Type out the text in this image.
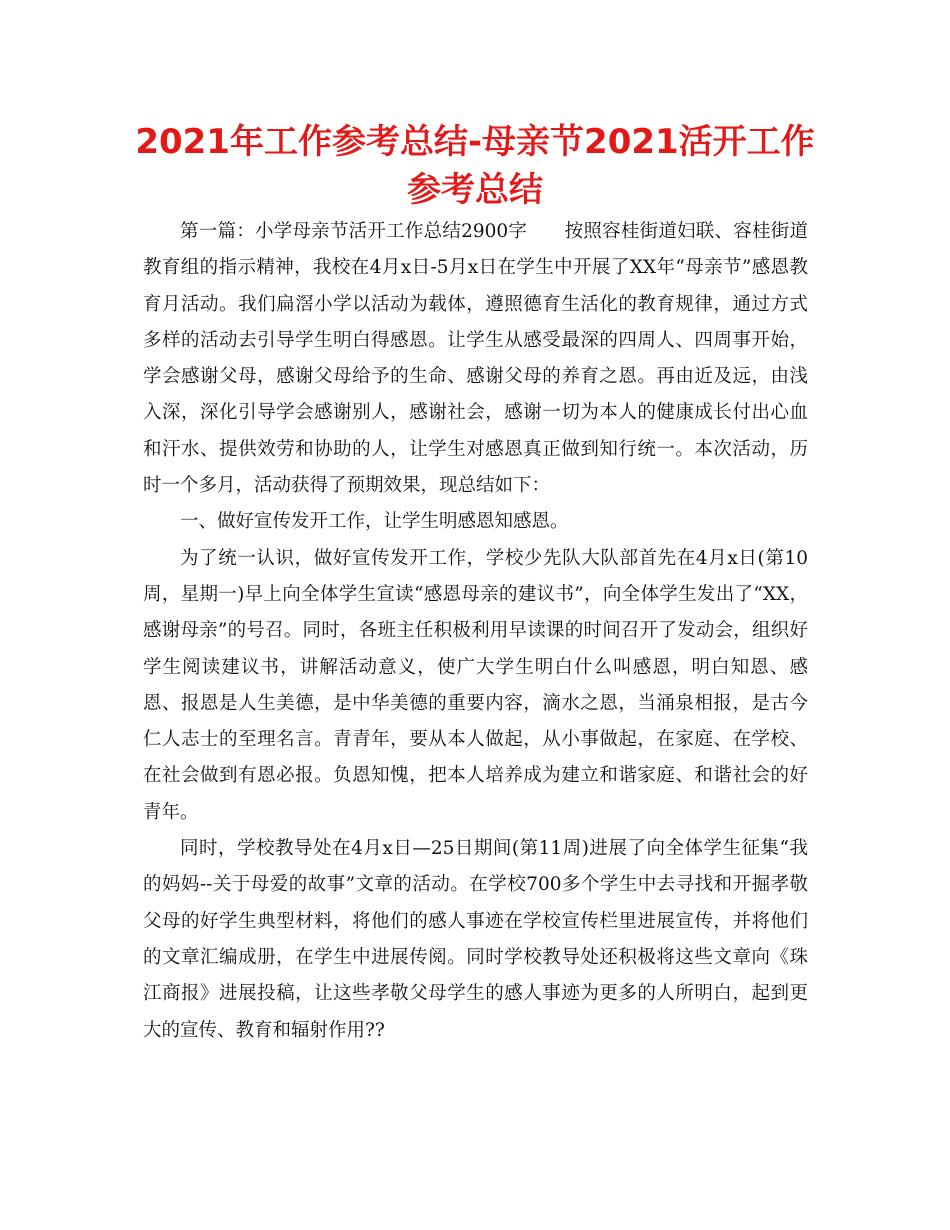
2021年工作参考总结-母亲节2021活开工作参考总结

第一篇：小学母亲节活开工作总结2900字　　按照容桂街道妇联、容桂街道教育组的指示精神，我校在4月x日-5月x日在学生中开展了XX年“母亲节”感恩教育月活动。我们扁滘小学以活动为载体，遵照德育生活化的教育规律，通过方式多样的活动去引导学生明白得感恩。让学生从感受最深的四周人、四周事开始，学会感谢父母，感谢父母给予的生命、感谢父母的养育之恩。再由近及远，由浅入深，深化引导学会感谢别人，感谢社会，感谢一切为本人的健康成长付出心血和汗水、提供效劳和协助的人，让学生对感恩真正做到知行统一。本次活动，历时一个多月，活动获得了预期效果，现总结如下：

一、做好宣传发开工作，让学生明感恩知感恩。

为了统一认识，做好宣传发开工作，学校少先队大队部首先在4月x日(第10周，星期一)早上向全体学生宣读“感恩母亲的建议书”，向全体学生发出了“XX，感谢母亲”的号召。同时，各班主任积极利用早读课的时间召开了发动会，组织好学生阅读建议书，讲解活动意义，使广大学生明白什么叫感恩，明白知恩、感恩、报恩是人生美德，是中华美德的重要内容，滴水之恩，当涌泉相报，是古今仁人志士的至理名言。青青年，要从本人做起，从小事做起，在家庭、在学校、在社会做到有恩必报。负恩知愧，把本人培养成为建立和谐家庭、和谐社会的好青年。

同时，学校教导处在4月x日—25日期间(第11周)进展了向全体学生征集“我的妈妈--关于母爱的故事”文章的活动。在学校700多个学生中去寻找和开掘孝敬父母的好学生典型材料，将他们的感人事迹在学校宣传栏里进展宣传，并将他们的文章汇编成册，在学生中进展传阅。同时学校教导处还积极将这些文章向《珠江商报》进展投稿，让这些孝敬父母学生的感人事迹为更多的人所明白，起到更大的宣传、教育和辐射作用??
